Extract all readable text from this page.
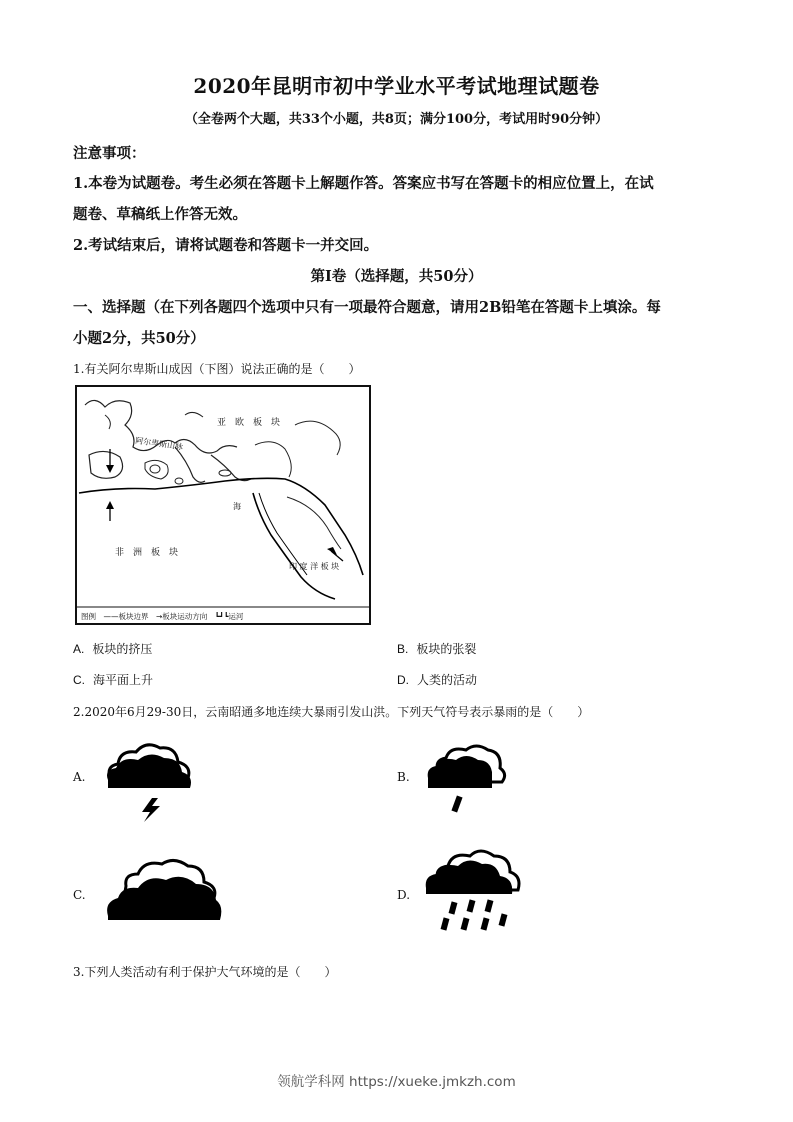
2020年昆明市初中学业水平考试地理试题卷
（全卷两个大题，共33个小题，共8页；满分100分，考试用时90分钟）
注意事项：
1.本卷为试题卷。考生必须在答题卡上解题作答。答案应书写在答题卡的相应位置上，在试
题卷、草稿纸上作答无效。
2.考试结束后，请将试题卷和答题卡一并交回。
第Ⅰ卷（选择题，共50分）
一、选择题（在下列各题四个选项中只有一项最符合题意，请用2B铅笔在答题卡上填涂。每
小题2分，共50分）
1.有关阿尔卑斯山成因（下图）说法正确的是（　　）
亚　欧　板　块
阿尔卑斯山脉
非　洲　板　块
印 度 洋 板 块
海
图例　——板块边界　→板块运动方向　┗┛┗运河
A. 板块的挤压	B. 板块的张裂
C. 海平面上升	D. 人类的活动
2.2020年6月29-30日，云南昭通多地连续大暴雨引发山洪。下列天气符号表示暴雨的是（　　）
A.	B.
C.	D.
3.下列人类活动有利于保护大气环境的是（　　）
领航学科网 https://xueke.jmkzh.com
